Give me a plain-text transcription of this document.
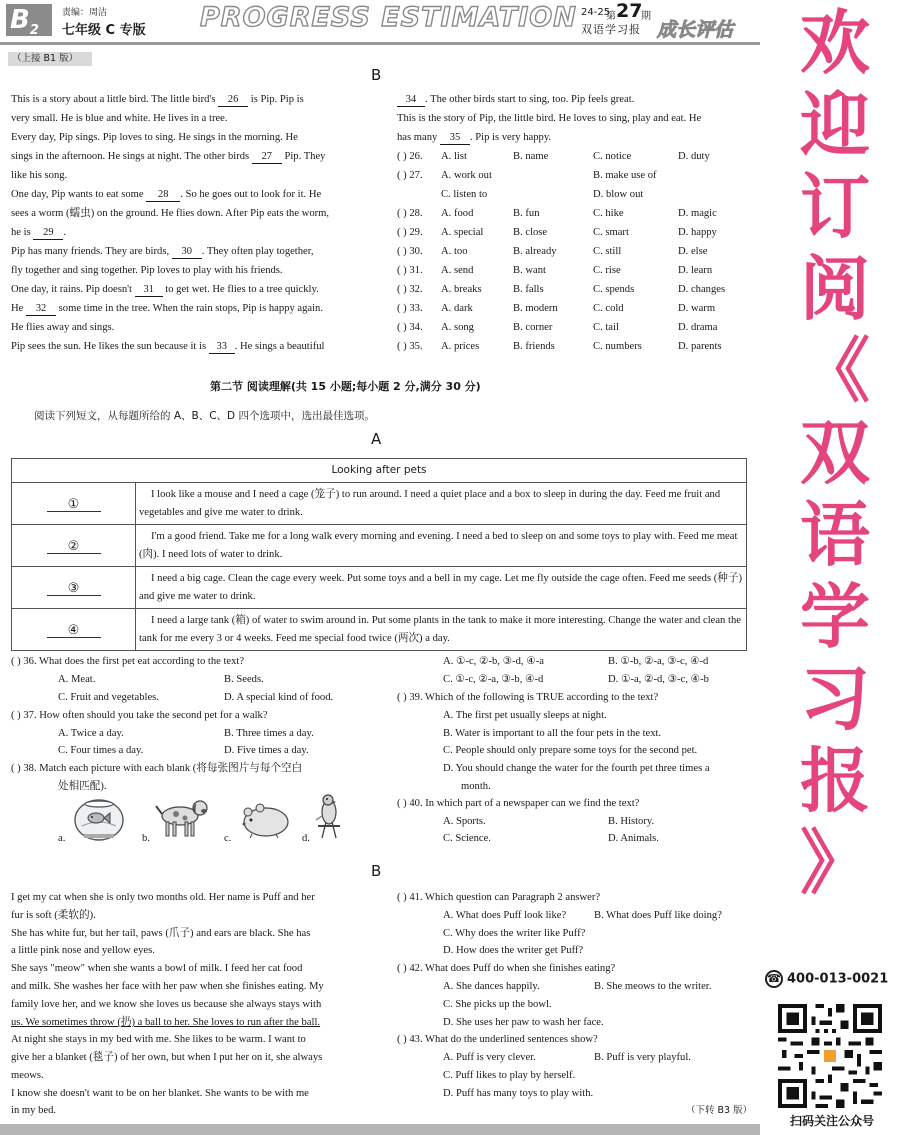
$B_2$
责编：周洁
七年级 C 专版 PROGRESS ESTIMATION 24-25
第 27
期
双语学习报 成长评估
（上接 B1 版）
B
This is a story about a little bird. The little bird's 26 is Pip. Pip is
very small. He is blue and white. He lives in a tree.
Every day, Pip sings. Pip loves to sing. He sings in the morning. He
sings in the afternoon. He sings at night. The other birds 27 Pip. They
like his song.
One day, Pip wants to eat some 28 . So he goes out to look for it. He
sees a worm (蠕虫) on the ground. He flies down. After Pip eats the worm,
he is 29 .
Pip has many friends. They are birds, 30 . They often play together,
fly together and sing together. Pip loves to play with his friends.
One day, it rains. Pip doesn't 31 to get wet. He flies to a tree quickly.
He 32 some time in the tree. When the rain stops, Pip is happy again.
He flies away and sings.
Pip sees the sun. He likes the sun because it is 33 . He sings a beautiful
34 . The other birds start to sing, too. Pip feels great.
This is the story of Pip, the little bird. He loves to sing, play and eat. He
has many 35 . Pip is very happy.
( ) 26. A. list	B. name	C. notice	D. duty
( ) 27. A. work out	B. make use of
C. listen to	D. blow out
( ) 28. A. food	B. fun	C. hike	D. magic
( ) 29. A. special	B. close	C. smart	D. happy
( ) 30. A. too	B. already	C. still	D. else
( ) 31. A. send	B. want	C. rise	D. learn
( ) 32. A. breaks	B. falls	C. spends	D. changes
( ) 33. A. dark	B. modern	C. cold	D. warm
( ) 34. A. song	B. corner	C. tail	D. drama
( ) 35. A. prices	B. friends	C. numbers	D. parents
第二节 阅读理解(共 15 小题;每小题 2 分,满分 30 分)
阅读下列短文，从每题所给的 A、B、C、D 四个选项中，选出最佳选项。
A
Looking after pets	
①	I look like a mouse and I need a cage (笼子) to run around. I need a quiet place and a box to sleep in during the day. Feed me fruit and vegetables and give me water to drink.
②	I'm a good friend. Take me for a long walk every morning and evening. I need a bed to sleep on and some toys to play with. Feed me meat (肉). I need lots of water to drink.
③	I need a big cage. Clean the cage every week. Put some toys and a bell in my cage. Let me fly outside the cage often. Feed me seeds (种子) and give me water to drink.
④	I need a large tank (箱) of water to swim around in. Put some plants in the tank to make it more interesting. Change the water and clean the tank for me every 3 or 4 weeks. Feed me special food twice (两次) a day.
( ) 36. What does the first pet eat according to the text?
A. Meat.	B. Seeds.
C. Fruit and vegetables.	D. A special kind of food.
( ) 37. How often should you take the second pet for a walk?
A. Twice a day.	B. Three times a day.
C. Four times a day.	D. Five times a day.
( ) 38. Match each picture with each blank (将每张图片与每个空白
处相匹配).
a.	b.	c.	d.
A. ①-c, ②-b, ③-d, ④-a	B. ①-b, ②-a, ③-c, ④-d
C. ①-c, ②-a, ③-b, ④-d	D. ①-a, ②-d, ③-c, ④-b
( ) 39. Which of the following is TRUE according to the text?
A. The first pet usually sleeps at night.
B. Water is important to all the four pets in the text.
C. People should only prepare some toys for the second pet.
D. You should change the water for the fourth pet three times a
month.
( ) 40. In which part of a newspaper can we find the text?
A. Sports.	B. History.
C. Science.	D. Animals.
B
I get my cat when she is only two months old. Her name is Puff and her
fur is soft (柔软的).
She has white fur, but her tail, paws (爪子) and ears are black. She has
a little pink nose and yellow eyes.
She says "meow" when she wants a bowl of milk. I feed her cat food
and milk. She washes her face with her paw when she finishes eating. My
family love her, and we know she loves us because she always stays with
us. We sometimes throw (扔) a ball to her. She loves to run after the ball.
At night she stays in my bed with me. She likes to be warm. I want to
give her a blanket (毯子) of her own, but when I put her on it, she always
meows.
I know she doesn't want to be on her blanket. She wants to be with me
in my bed.
( ) 41. Which question can Paragraph 2 answer?
A. What does Puff look like?	B. What does Puff like doing?
C. Why does the writer like Puff?
D. How does the writer get Puff?
( ) 42. What does Puff do when she finishes eating?
A. She dances happily.	B. She meows to the writer.
C. She picks up the bowl.
D. She uses her paw to wash her face.
( ) 43. What do the underlined sentences show?
A. Puff is very clever.	B. Puff is very playful.
C. Puff likes to play by herself.
D. Puff has many toys to play with.
（下转 B3 版）
欢
迎
订
阅
《
双
语
学
习
报
》
☎ 400-013-0021
扫码关注公众号
